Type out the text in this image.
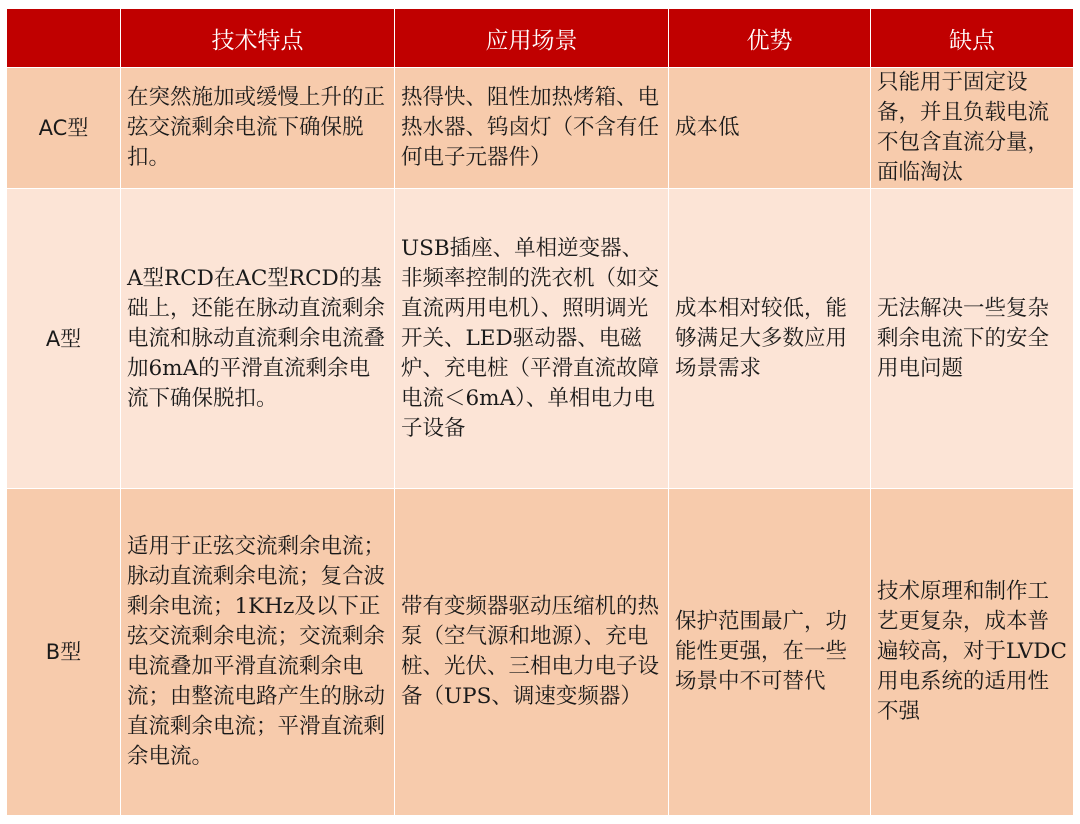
	技术特点	应用场景	优势	缺点
AC型	在突然施加或缓慢上升的正弦交流剩余电流下确保脱扣。	热得快、阻性加热烤箱、电热水器、钨卤灯（不含有任何电子元器件）	成本低	只能用于固定设备，并且负载电流不包含直流分量，面临淘汰
A型	A型RCD在AC型RCD的基础上，还能在脉动直流剩余电流和脉动直流剩余电流叠加6mA的平滑直流剩余电流下确保脱扣。	USB插座、单相逆变器、非频率控制的洗衣机（如交直流两用电机）、照明调光开关、LED驱动器、电磁炉、充电桩（平滑直流故障电流＜6mA）、单相电力电子设备	成本相对较低，能够满足大多数应用场景需求	无法解决一些复杂剩余电流下的安全用电问题
B型	适用于正弦交流剩余电流；脉动直流剩余电流；复合波剩余电流；1KHz及以下正弦交流剩余电流；交流剩余电流叠加平滑直流剩余电流；由整流电路产生的脉动直流剩余电流；平滑直流剩余电流。	带有变频器驱动压缩机的热泵（空气源和地源）、充电桩、光伏、三相电力电子设备（UPS、调速变频器）	保护范围最广，功能性更强，在一些场景中不可替代	技术原理和制作工艺更复杂，成本普遍较高，对于LVDC用电系统的适用性不强
